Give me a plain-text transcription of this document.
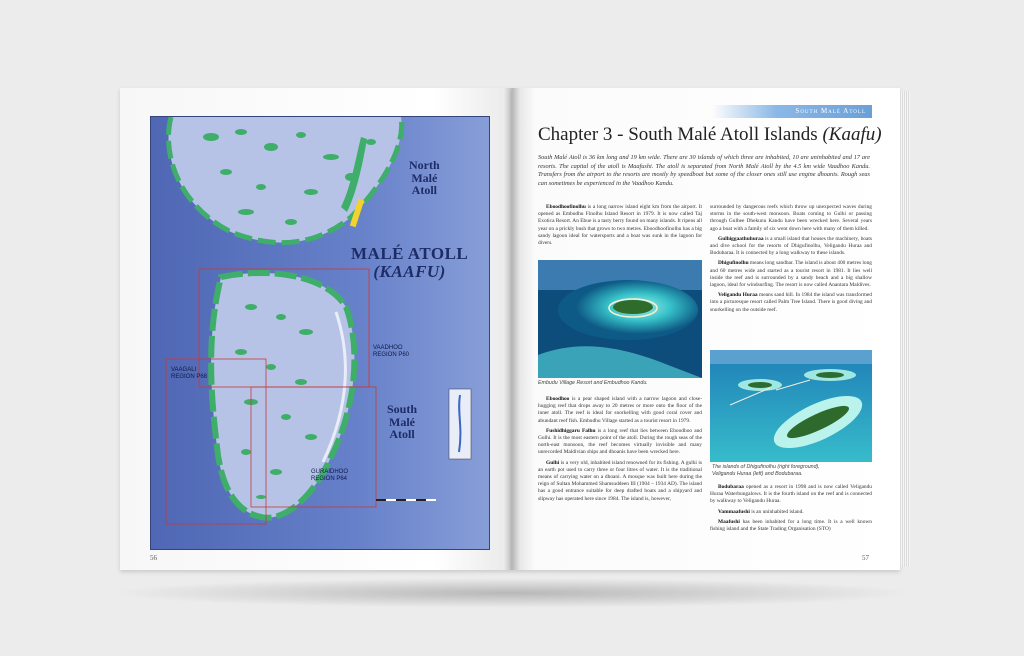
North
Malé
Atoll
MALÉ ATOLL
(KAAFU)
South
Malé
Atoll
VAADHOO
REGION P60
VAAGALI
REGION P68
GURAIDHOO
REGION P64
56
South Malé Atoll
Chapter 3 - South Malé Atoll Islands (Kaafu)
South Malé Atoll is 36 km long and 19 km wide. There are 30 islands of which three are inhabited, 10 are uninhabited and 17 are resorts. The capital of the atoll is Maafushi. The atoll is separated from North Malé Atoll by the 4.5 km wide Vaadhoo Kandu. Transfers from the airport to the resorts are mostly by speedboat but some of the closer ones still use engine dhoanis. Rough seas can sometimes be experienced in the Vaadhoo Kandu.

Eboodhoofinolhu is a long narrow island eight km from the airport. It opened as Embudhu Finolhu Island Resort in 1979. It is now called Taj Exotica Resort. An Ebue is a tasty berry found on many islands. It ripens all year on a prickly bush that grows to two metres. Eboodhoofinolhu has a big sandy lagoon ideal for watersports and a boat was sunk in the lagoon for divers.

Embudu Village Resort and Embudhoo Kandu.

Eboodhoo is a pear shaped island with a narrow lagoon and close-hugging reef that drops away to 20 metres or more onto the floor of the inner atoll. The reef is ideal for snorkelling with good coral cover and abundant reef fish. Embudhu Village started as a tourist resort in 1979.

Fushidhiggaru Falhu is a long reef that lies between Eboodhoo and Gulhi. It is the most eastern point of the atoll. During the rough seas of the north-east monsoon, the reef becomes virtually invisible and many unrecorded Maldivian ships and dhoanis have been wrecked here.

Gulhi is a very old, inhabited island renowned for its fishing. A gulhi is an earth pot used to carry three or four litres of water. It is the traditional means of carrying water on a dhoani. A mosque was built here during the reign of Sultan Mohammed Shamsuddeen III (1904 – 1934 AD). The island has a good entrance suitable for deep drafted boats and a shipyard and slipway has operated here since 1984. The island is, however,

surrounded by dangerous reefs which throw up unexpected waves during storms in the south-west monsoon. Boats coming to Gulhi or passing through Gulhee Dhekunu Kandu have been wrecked here. Several years ago a boat with a family of six went down here with many of them killed.

Gulhiggaathuhuraa is a small island that houses the machinery, boats and dive school for the resorts of Dhigufinolhu, Veligandu Huraa and Bodubaraa. It is connected by a long walkway to these islands.

Dhigufinolhu means long sandbar. The island is about 400 metres long and 60 metres wide and started as a tourist resort in 1981. It lies well inside the reef and is surrounded by a sandy beach and a big shallow lagoon, ideal for windsurfing. The resort is now called Anantara Maldives.

Veligandu Huraa means sand hill. In 1984 the island was transformed into a picturesque resort called Palm Tree Island. There is good diving and snorkelling on the outside reef.

The islands of Dhigufinolhu (right foreground),
Veligandu Huraa (left) and Bodubaraa.

Bodubaraa opened as a resort in 1998 and is now called Veligandu Huraa Waterbungalows. It is the fourth island on the reef and is connected by walkway to Veligandu Huraa.

Vammaafushi is an uninhabited island.

Maafushi has been inhabited for a long time. It is a well known fishing island and the State Trading Organisation (STO)

57
